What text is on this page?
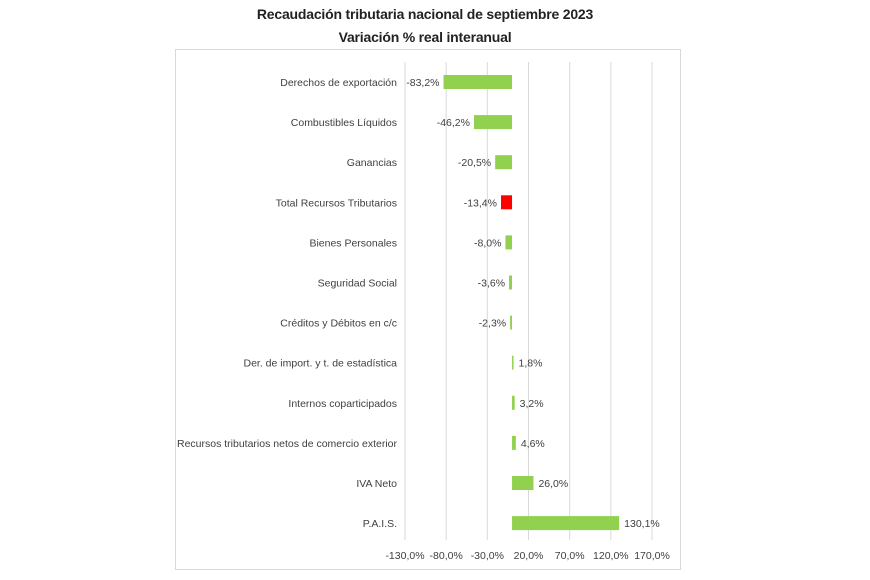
Recaudación tributaria nacional de septiembre 2023
Variación % real interanual
-130,0% -80,0% -30,0% 20,0% 70,0% 120,0% 170,0%
Derechos de exportación -83,2%
Combustibles Líquidos	-46,2%
Ganancias	-20,5%
Total Recursos Tributarios	-13,4%
Bienes Personales	-8,0%
Seguridad Social	-3,6%
Créditos y Débitos en c/c	-2,3%
Der. de import. y t. de estadística	1,8%
Internos coparticipados	3,2%
Recursos tributarios netos de comercio exterior	4,6%
IVA Neto	26,0%
P.A.I.S.	130,1%
